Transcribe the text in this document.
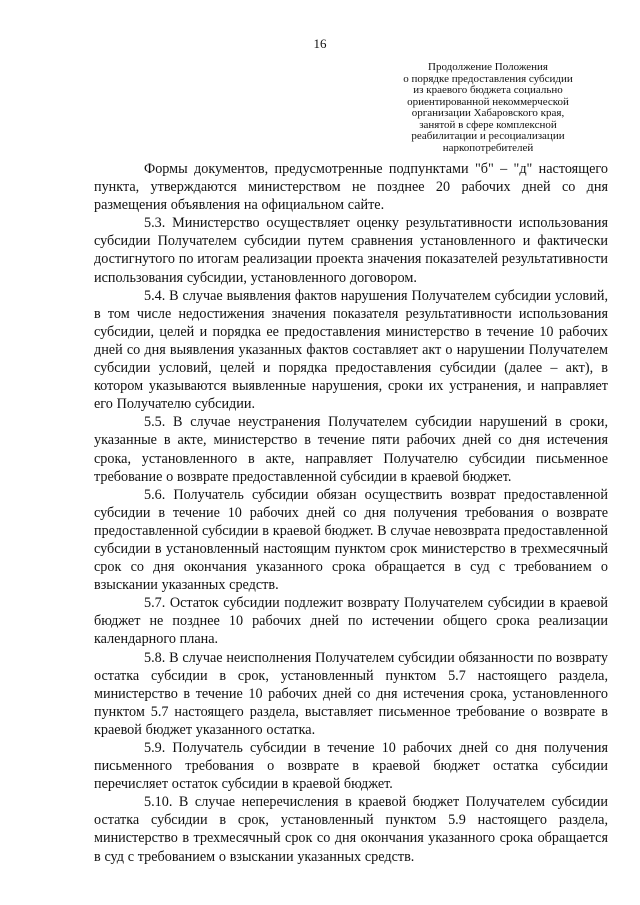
16
Продолжение Положения
о порядке предоставления субсидии
из краевого бюджета социально
ориентированной некоммерческой
организации Хабаровского края,
занятой в сфере комплексной
реабилитации и ресоциализации
наркопотребителей

Формы документов, предусмотренные подпунктами "б" – "д" настоящего пункта, утверждаются министерством не позднее 20 рабочих дней со дня размещения объявления на официальном сайте.

5.3. Министерство осуществляет оценку результативности использования субсидии Получателем субсидии путем сравнения установленного и фактически достигнутого по итогам реализации проекта значения показателей результативности использования субсидии, установленного договором.

5.4. В случае выявления фактов нарушения Получателем субсидии условий, в том числе недостижения значения показателя результативности использования субсидии, целей и порядка ее предоставления министерство в течение 10 рабочих дней со дня выявления указанных фактов составляет акт о нарушении Получателем субсидии условий, целей и порядка предоставления субсидии (далее – акт), в котором указываются выявленные нарушения, сроки их устранения, и направляет его Получателю субсидии.

5.5. В случае неустранения Получателем субсидии нарушений в сроки, указанные в акте, министерство в течение пяти рабочих дней со дня истечения срока, установленного в акте, направляет Получателю субсидии письменное требование о возврате предоставленной субсидии в краевой бюджет.

5.6. Получатель субсидии обязан осуществить возврат предоставленной субсидии в течение 10 рабочих дней со дня получения требования о возврате предоставленной субсидии в краевой бюджет. В случае невозврата предоставленной субсидии в установленный настоящим пунктом срок министерство в трехмесячный срок со дня окончания указанного срока обращается в суд с требованием о взыскании указанных средств.

5.7. Остаток субсидии подлежит возврату Получателем субсидии в краевой бюджет не позднее 10 рабочих дней по истечении общего срока реализации календарного плана.

5.8. В случае неисполнения Получателем субсидии обязанности по возврату остатка субсидии в срок, установленный пунктом 5.7 настоящего раздела, министерство в течение 10 рабочих дней со дня истечения срока, установленного пунктом 5.7 настоящего раздела, выставляет письменное требование о возврате в краевой бюджет указанного остатка.

5.9. Получатель субсидии в течение 10 рабочих дней со дня получения письменного требования о возврате в краевой бюджет остатка субсидии перечисляет остаток субсидии в краевой бюджет.

5.10. В случае неперечисления в краевой бюджет Получателем субсидии остатка субсидии в срок, установленный пунктом 5.9 настоящего раздела, министерство в трехмесячный срок со дня окончания указанного срока обращается в суд с требованием о взыскании указанных средств.
